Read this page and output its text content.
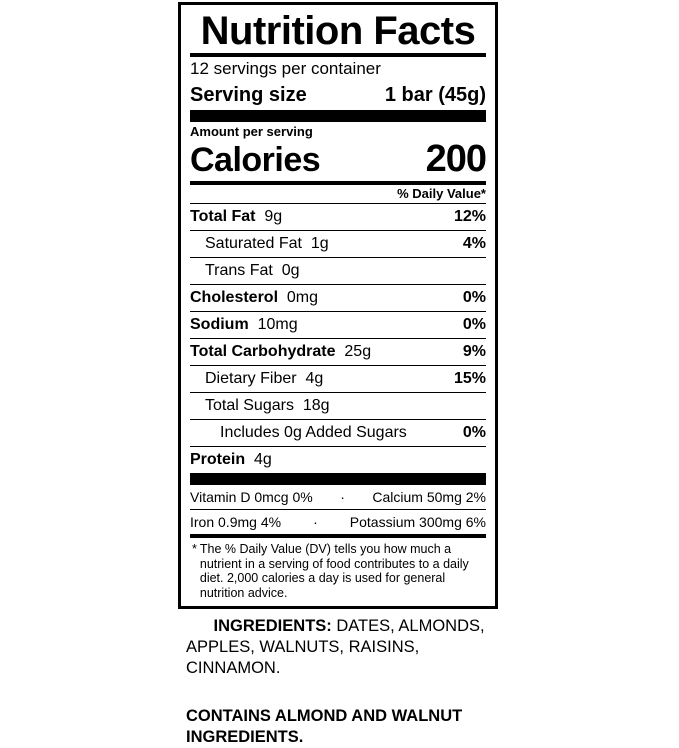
Nutrition Facts
12 servings per container
Serving size	1 bar (45g)
Amount per serving
Calories	200
% Daily Value*
Total Fat 9g	12%
Saturated Fat 1g	4%
Trans Fat 0g
Cholesterol 0mg	0%
Sodium 10mg	0%
Total Carbohydrate 25g	9%
Dietary Fiber 4g	15%
Total Sugars 18g
Includes 0g Added Sugars	0%
Protein 4g
Vitamin D 0mcg 0%	·	Calcium 50mg 2%
Iron 0.9mg 4%	·	Potassium 300mg 6%
* The % Daily Value (DV) tells you how much a nutrient in a serving of food contributes to a daily diet. 2,000 calories a day is used for general nutrition advice.

INGREDIENTS: DATES, ALMONDS, APPLES, WALNUTS, RAISINS, CINNAMON.

CONTAINS ALMOND AND WALNUT INGREDIENTS.
